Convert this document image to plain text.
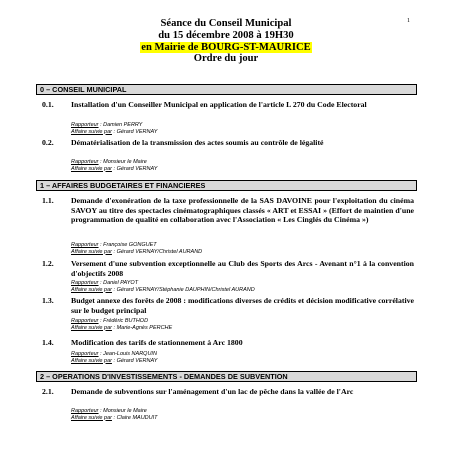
1
Séance du Conseil Municipal
du 15 décembre 2008 à 19H30
en Mairie de BOURG-ST-MAURICE
Ordre du jour
0 – CONSEIL MUNICIPAL
0.1.	Installation d'un Conseiller Municipal en application de l'article L 270 du Code Electoral
Rapporteur : Damien PERRY
Affaire suivie par : Gérard VERNAY
0.2.	Dématérialisation de la transmission des actes soumis au contrôle de légalité
Rapporteur : Monsieur le Maire
Affaire suivie par : Gérard VERNAY
1 – AFFAIRES BUDGETAIRES ET FINANCIERES
1.1.	Demande d'exonération de la taxe professionnelle de la SAS DAVOINE pour l'exploitation du cinéma SAVOY au titre des spectacles cinématographiques classés « ART et ESSAI » (Effort de maintien d'une programmation de qualité en collaboration avec l'Association « Les Cinglés du Cinéma »)
Rapporteur : Françoise GONGUET
Affaire suivie par : Gérard VERNAY/Christel AURAND
1.2.	Versement d'une subvention exceptionnelle au Club des Sports des Arcs - Avenant n°1 à la convention d'objectifs 2008
Rapporteur : Daniel PAYOT
Affaire suivie par : Gérard VERNAY/Stéphanie DAUPHIN/Christel AURAND
1.3.	Budget annexe des forêts de 2008 : modifications diverses de crédits et décision modificative corrélative sur le budget principal
Rapporteur : Frédéric BUTHOD
Affaire suivie par : Marie-Agnès PERCHE
1.4.	Modification des tarifs de stationnement à Arc 1800
Rapporteur : Jean-Louis NARQUIN
Affaire suivie par : Gérard VERNAY
2 – OPERATIONS D'INVESTISSEMENTS - DEMANDES DE SUBVENTION
2.1.	Demande de subventions sur l'aménagement d'un lac de pêche dans la vallée de l'Arc
Rapporteur : Monsieur le Maire
Affaire suivie par : Claire MAUDUIT
